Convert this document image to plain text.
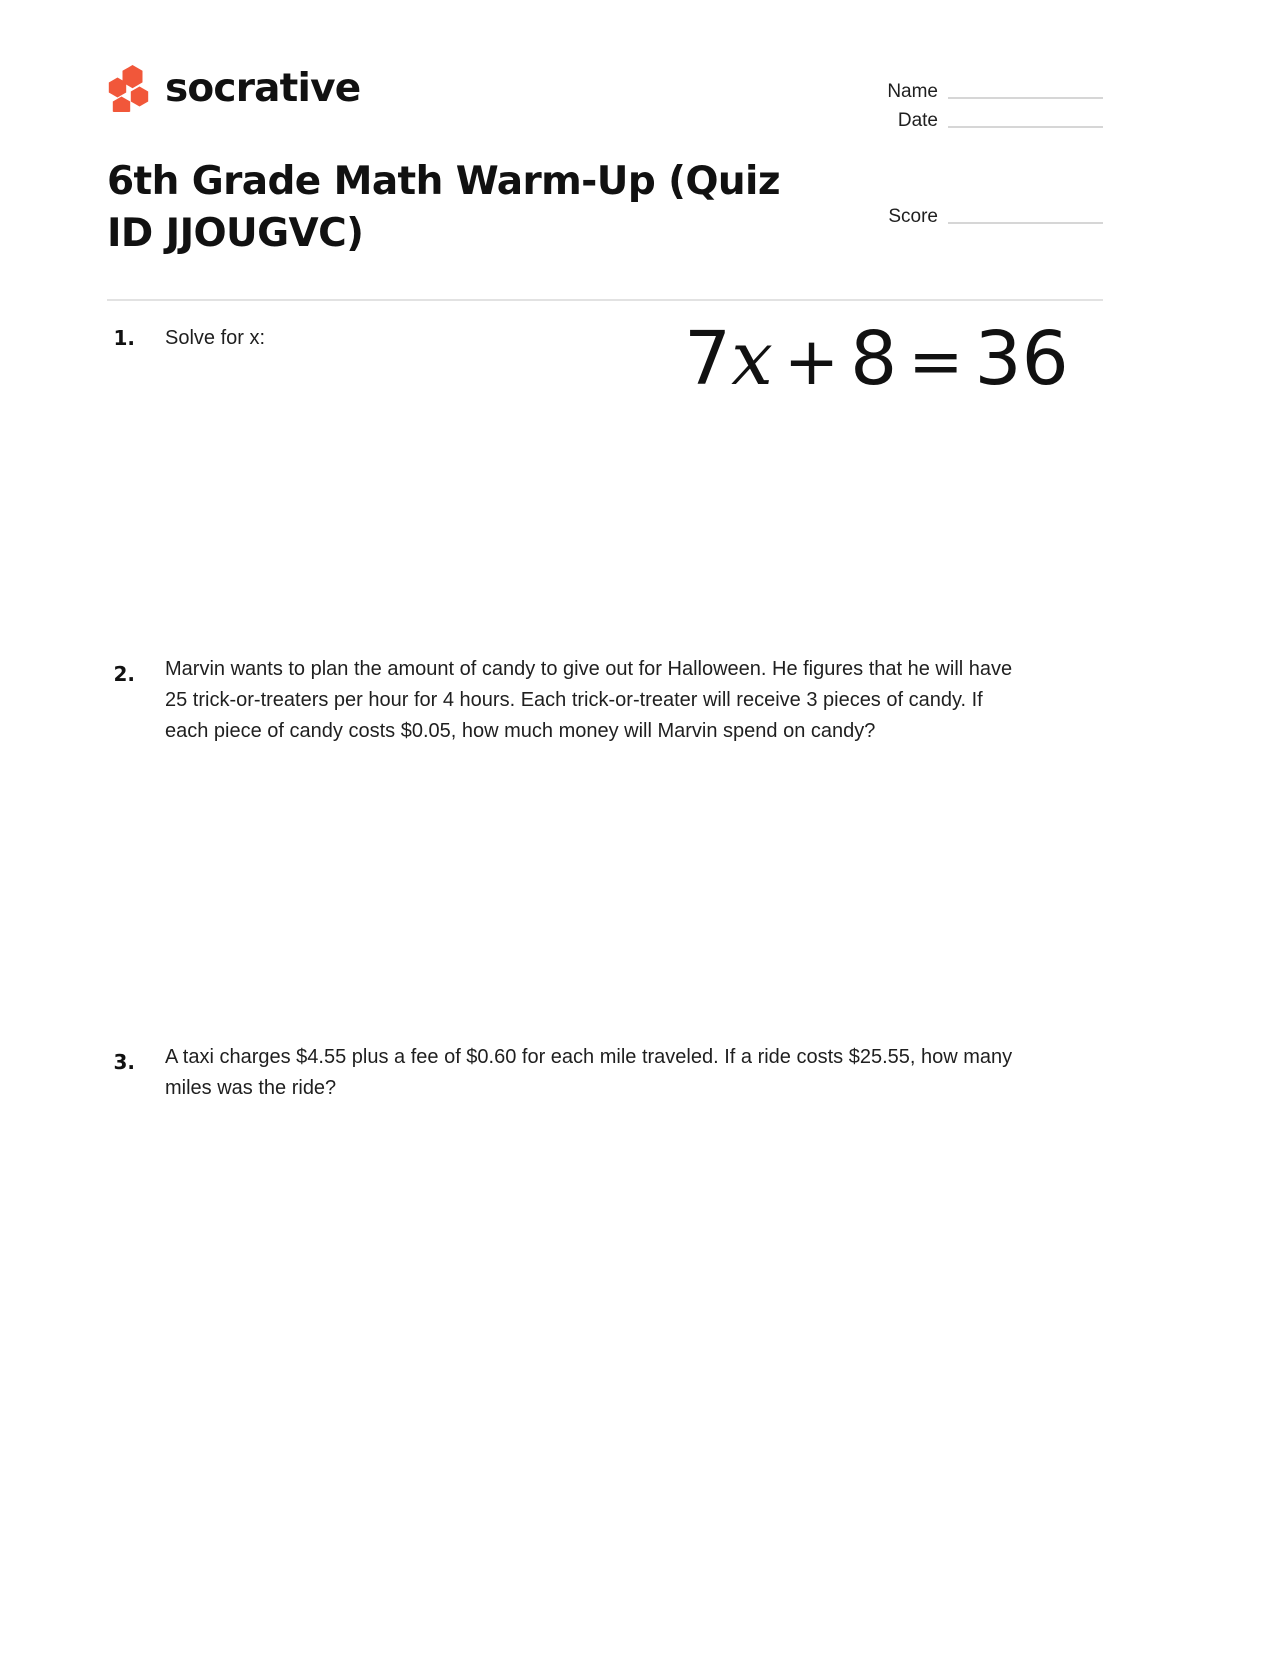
socrative
6th Grade Math Warm-Up (Quiz ID JJOUGVC)
Name
Date
Score
1.	Solve for x:	7x + 8 = 36
2.	Marvin wants to plan the amount of candy to give out for Halloween. He figures that he will have 25 trick-or-treaters per hour for 4 hours. Each trick-or-treater will receive 3 pieces of candy. If each piece of candy costs $0.05, how much money will Marvin spend on candy?

3.	A taxi charges $4.55 plus a fee of $0.60 for each mile traveled. If a ride costs $25.55, how many miles was the ride?
